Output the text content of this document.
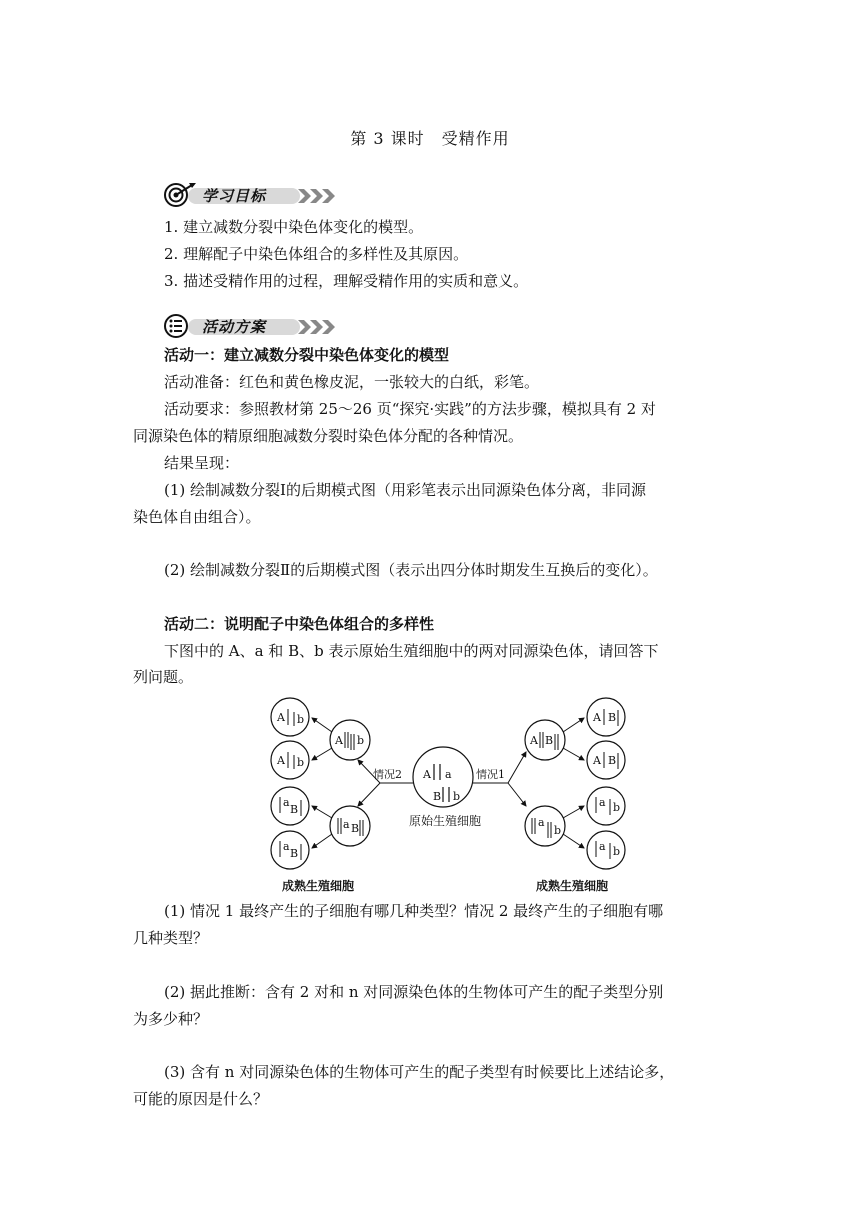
第 3 课时　受精作用
学习目标
1. 建立减数分裂中染色体变化的模型。
2. 理解配子中染色体组合的多样性及其原因。
3. 描述受精作用的过程，理解受精作用的实质和意义。
活动方案
活动一：建立减数分裂中染色体变化的模型
活动准备：红色和黄色橡皮泥，一张较大的白纸，彩笔。
活动要求：参照教材第 25～26 页“探究·实践”的方法步骤，模拟具有 2 对
同源染色体的精原细胞减数分裂时染色体分配的各种情况。
结果呈现：
(1) 绘制减数分裂Ⅰ的后期模式图（用彩笔表示出同源染色体分离，非同源
染色体自由组合）。
(2) 绘制减数分裂Ⅱ的后期模式图（表示出四分体时期发生互换后的变化）。
活动二：说明配子中染色体组合的多样性
下图中的 A、a 和 B、b 表示原始生殖细胞中的两对同源染色体，请回答下
列问题。
A a
B b
原始生殖细胞
情况2	情况1
A b
a B
A b
A b
a
B
a
B
A B
a
b
A B
A B
a b
a b
成熟生殖细胞	成熟生殖细胞
(1) 情况 1 最终产生的子细胞有哪几种类型？情况 2 最终产生的子细胞有哪
几种类型？
(2) 据此推断：含有 2 对和 n 对同源染色体的生物体可产生的配子类型分别
为多少种？
(3) 含有 n 对同源染色体的生物体可产生的配子类型有时候要比上述结论多，
可能的原因是什么？
